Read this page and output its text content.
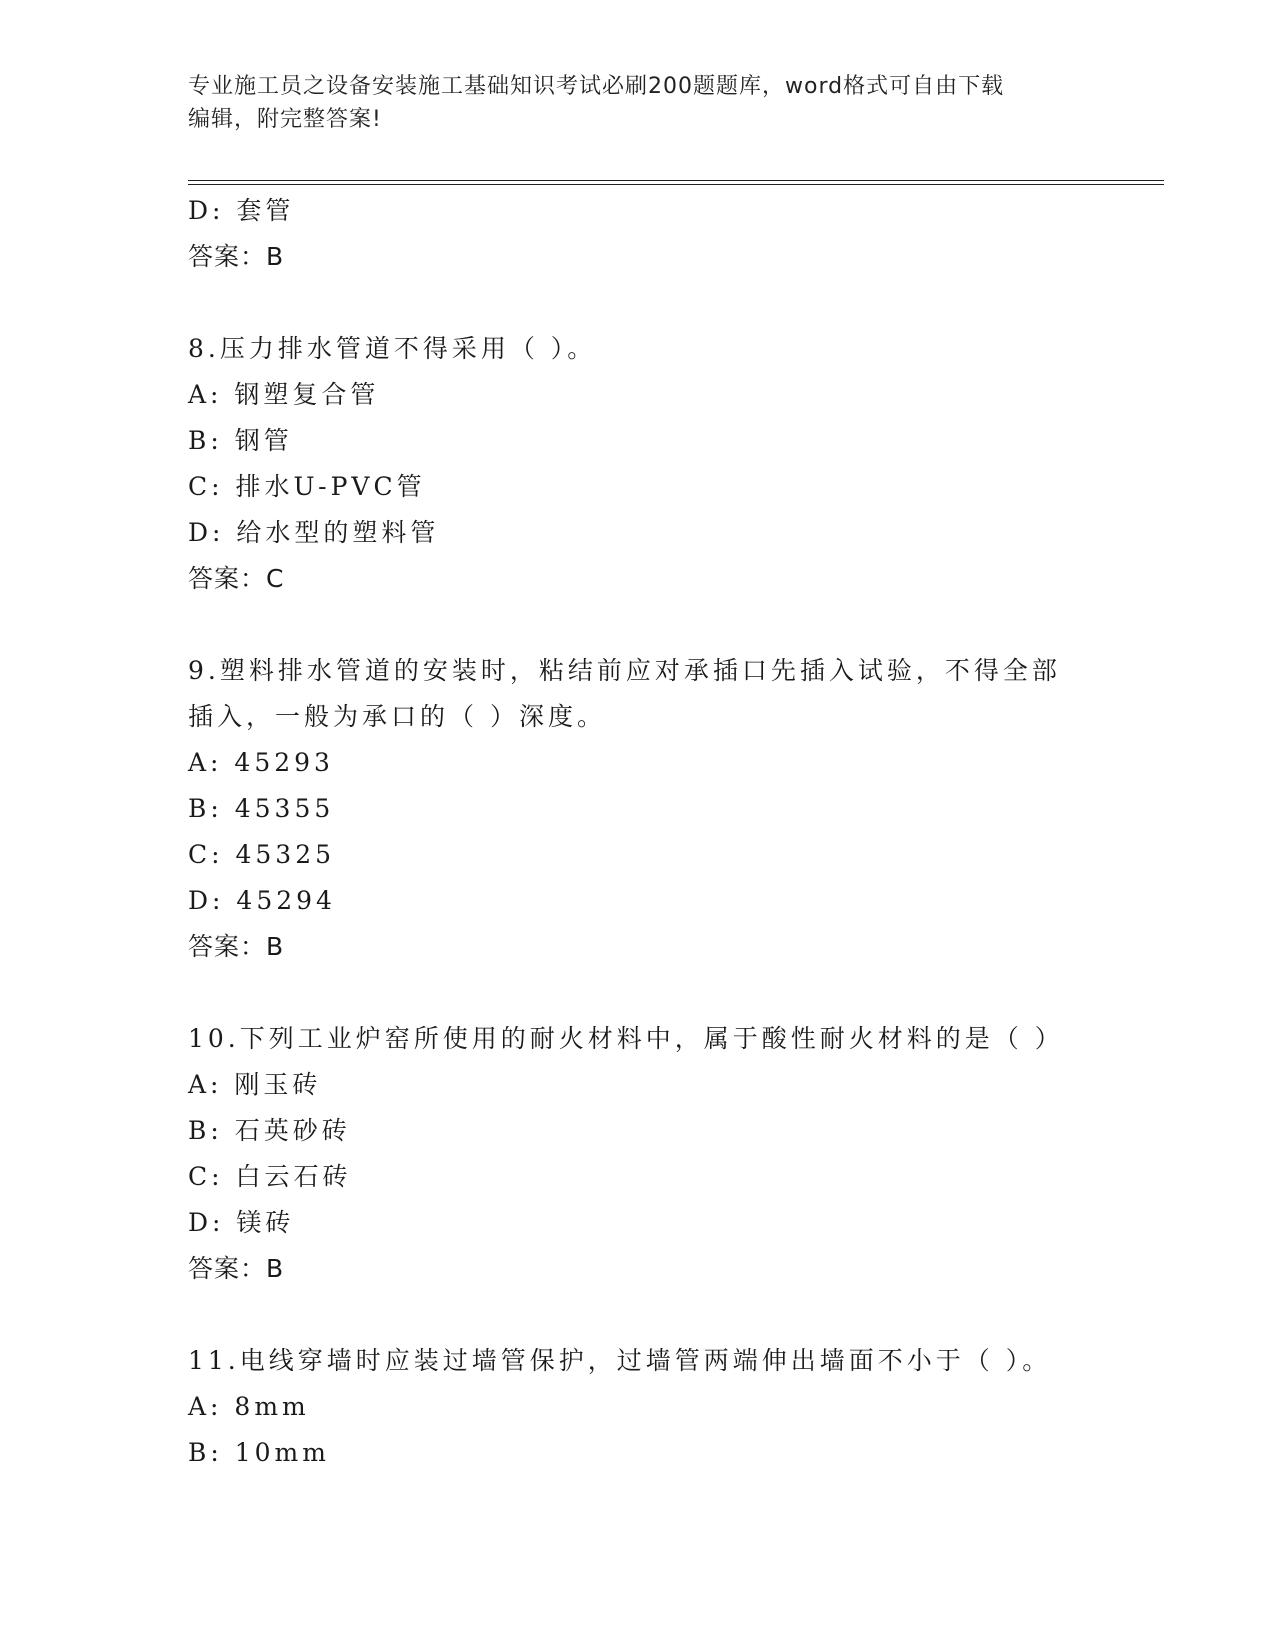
专业施工员之设备安装施工基础知识考试必刷200题题库，word格式可自由下载
编辑，附完整答案!
D: 套管
答案：B
8.压力排水管道不得采用（ ）。
A: 钢塑复合管
B: 钢管
C: 排水U-PVC管
D: 给水型的塑料管
答案：C
9.塑料排水管道的安装时，粘结前应对承插口先插入试验，不得全部
插入，一般为承口的（ ）深度。
A: 45293
B: 45355
C: 45325
D: 45294
答案：B
10.下列工业炉窑所使用的耐火材料中，属于酸性耐火材料的是（ ）
A: 刚玉砖
B: 石英砂砖
C: 白云石砖
D: 镁砖
答案：B
11.电线穿墙时应装过墙管保护，过墙管两端伸出墙面不小于（ ）。
A: 8mm
B: 10mm
